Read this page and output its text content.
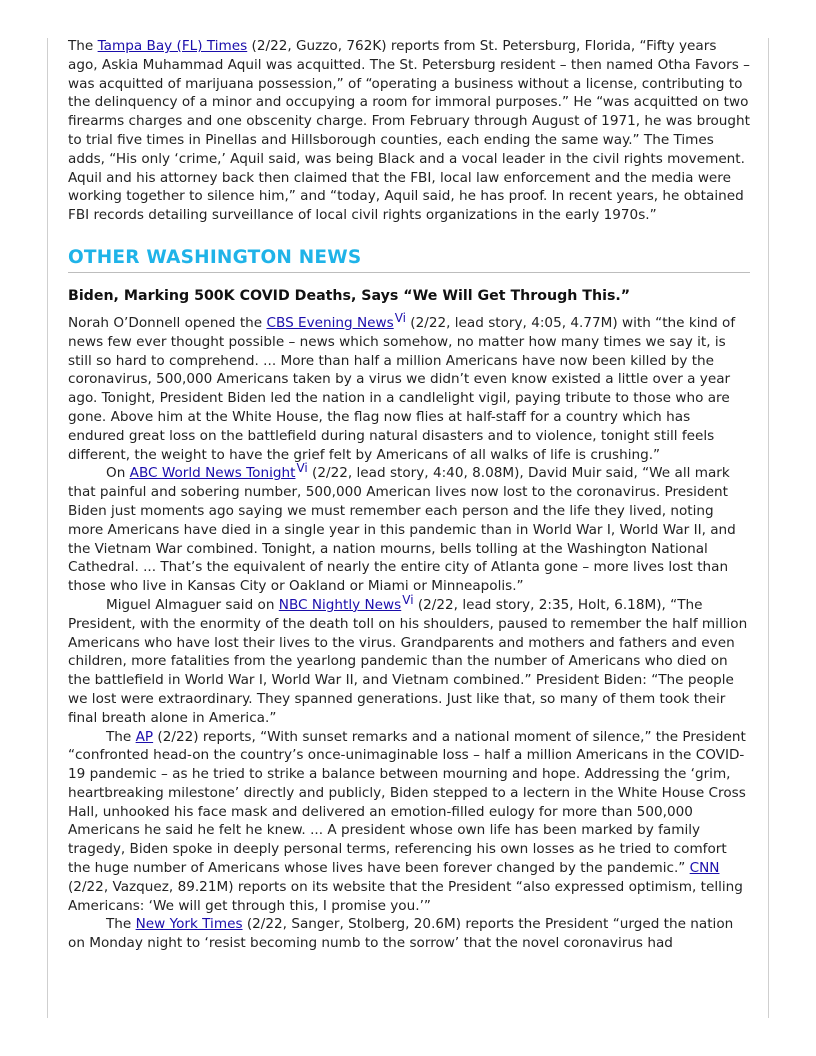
The Tampa Bay (FL) Times (2/22, Guzzo, 762K) reports from St. Petersburg, Florida, “Fifty years ago, Askia Muhammad Aquil was acquitted. The St. Petersburg resident – then named Otha Favors – was acquitted of marijuana possession,” of “operating a business without a license, contributing to the delinquency of a minor and occupying a room for immoral purposes.” He “was acquitted on two firearms charges and one obscenity charge. From February through August of 1971, he was brought to trial five times in Pinellas and Hillsborough counties, each ending the same way.” The Times adds, “His only ‘crime,’ Aquil said, was being Black and a vocal leader in the civil rights movement. Aquil and his attorney back then claimed that the FBI, local law enforcement and the media were working together to silence him,” and “today, Aquil said, he has proof. In recent years, he obtained FBI records detailing surveillance of local civil rights organizations in the early 1970s.”

OTHER WASHINGTON NEWS
Biden, Marking 500K COVID Deaths, Says “We Will Get Through This.”

Norah O’Donnell opened the CBS Evening News$^{Vi}$ (2/22, lead story, 4:05, 4.77M) with “the kind of news few ever thought possible – news which somehow, no matter how many times we say it, is still so hard to comprehend. ... More than half a million Americans have now been killed by the coronavirus, 500,000 Americans taken by a virus we didn’t even know existed a little over a year ago. Tonight, President Biden led the nation in a candlelight vigil, paying tribute to those who are gone. Above him at the White House, the flag now flies at half-staff for a country which has endured great loss on the battlefield during natural disasters and to violence, tonight still feels different, the weight to have the grief felt by Americans of all walks of life is crushing.”

On ABC World News Tonight$^{Vi}$ (2/22, lead story, 4:40, 8.08M), David Muir said, “We all mark that painful and sobering number, 500,000 American lives now lost to the coronavirus. President Biden just moments ago saying we must remember each person and the life they lived, noting more Americans have died in a single year in this pandemic than in World War I, World War II, and the Vietnam War combined. Tonight, a nation mourns, bells tolling at the Washington National Cathedral. ... That’s the equivalent of nearly the entire city of Atlanta gone – more lives lost than those who live in Kansas City or Oakland or Miami or Minneapolis.”

Miguel Almaguer said on NBC Nightly News$^{Vi}$ (2/22, lead story, 2:35, Holt, 6.18M), “The President, with the enormity of the death toll on his shoulders, paused to remember the half million Americans who have lost their lives to the virus. Grandparents and mothers and fathers and even children, more fatalities from the yearlong pandemic than the number of Americans who died on the battlefield in World War I, World War II, and Vietnam combined.” President Biden: “The people we lost were extraordinary. They spanned generations. Just like that, so many of them took their final breath alone in America.”

The AP (2/22) reports, “With sunset remarks and a national moment of silence,” the President “confronted head-on the country’s once-unimaginable loss – half a million Americans in the COVID-19 pandemic – as he tried to strike a balance between mourning and hope. Addressing the ‘grim, heartbreaking milestone’ directly and publicly, Biden stepped to a lectern in the White House Cross Hall, unhooked his face mask and delivered an emotion-filled eulogy for more than 500,000 Americans he said he felt he knew. ... A president whose own life has been marked by family tragedy, Biden spoke in deeply personal terms, referencing his own losses as he tried to comfort the huge number of Americans whose lives have been forever changed by the pandemic.” CNN (2/22, Vazquez, 89.21M) reports on its website that the President “also expressed optimism, telling Americans: ‘We will get through this, I promise you.’”

The New York Times (2/22, Sanger, Stolberg, 20.6M) reports the President “urged the nation on Monday night to ‘resist becoming numb to the sorrow’ that the novel coronavirus had
